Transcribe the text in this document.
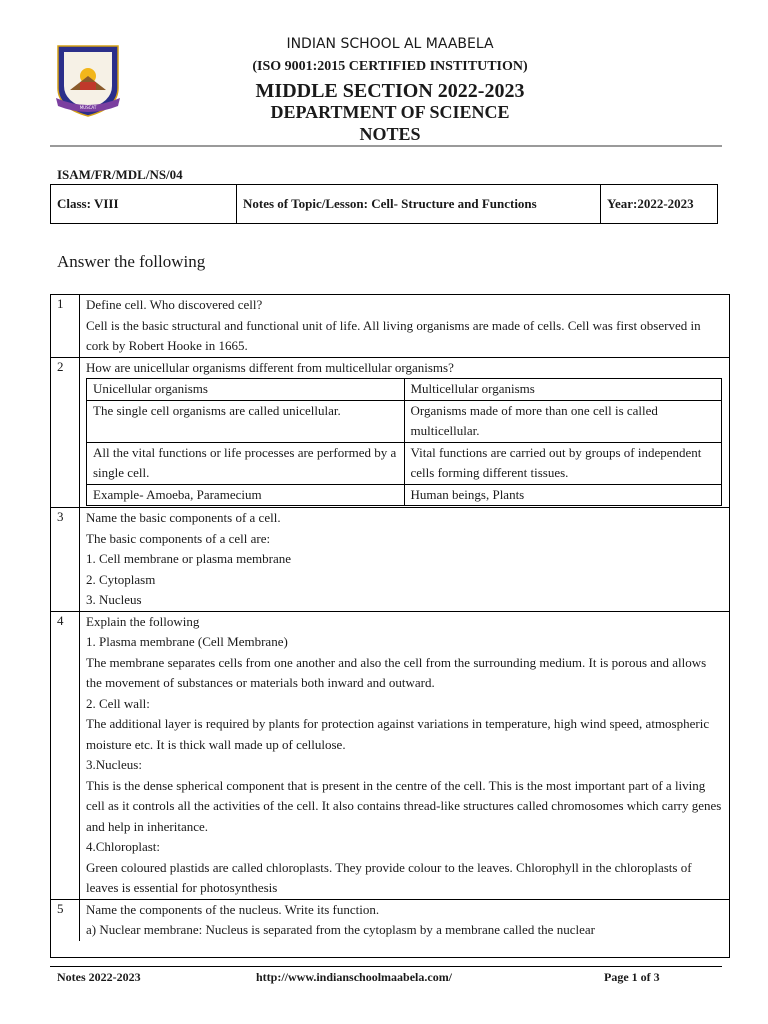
INDIAN SCHOOL AL MAABELA
MUSCAT
INDIAN SCHOOL AL MAABELA
(ISO 9001:2015 CERTIFIED INSTITUTION)
MIDDLE SECTION 2022-2023
DEPARTMENT OF SCIENCE
NOTES
ISAM/FR/MDL/NS/04
Class: VIII	Notes of Topic/Lesson: Cell- Structure and Functions	Year:2022-2023
Answer the following
1	Define cell. Who discovered cell?

Cell is the basic structural and functional unit of life. All living organisms are made of cells. Cell was first observed in cork by Robert Hooke in 1665.

2	How are unicellular organisms different from multicellular organisms?

Unicellular organisms	Multicellular organisms
The single cell organisms are called unicellular.	Organisms made of more than one cell is called multicellular.
All the vital functions or life processes are performed by a single cell.	Vital functions are carried out by groups of independent cells forming different tissues.
Example- Amoeba, Paramecium	Human beings, Plants
3	Name the basic components of a cell.

The basic components of a cell are:

1. Cell membrane or plasma membrane

2. Cytoplasm

3. Nucleus

4	Explain the following

1. Plasma membrane (Cell Membrane)

The membrane separates cells from one another and also the cell from the surrounding medium. It is porous and allows the movement of substances or materials both inward and outward.

2. Cell wall:

The additional layer is required by plants for protection against variations in temperature, high wind speed, atmospheric moisture etc. It is thick wall made up of cellulose.

3.Nucleus:

This is the dense spherical component that is present in the centre of the cell. This is the most important part of a living cell as it controls all the activities of the cell. It also contains thread-like structures called chromosomes which carry genes and help in inheritance.

4.Chloroplast:

Green coloured plastids are called chloroplasts. They provide colour to the leaves. Chlorophyll in the chloroplasts of leaves is essential for photosynthesis

5	Name the components of the nucleus. Write its function.

a) Nuclear membrane: Nucleus is separated from the cytoplasm by a membrane called the nuclear

Notes 2022-2023	http://www.indianschoolmaabela.com/	Page 1 of 3
